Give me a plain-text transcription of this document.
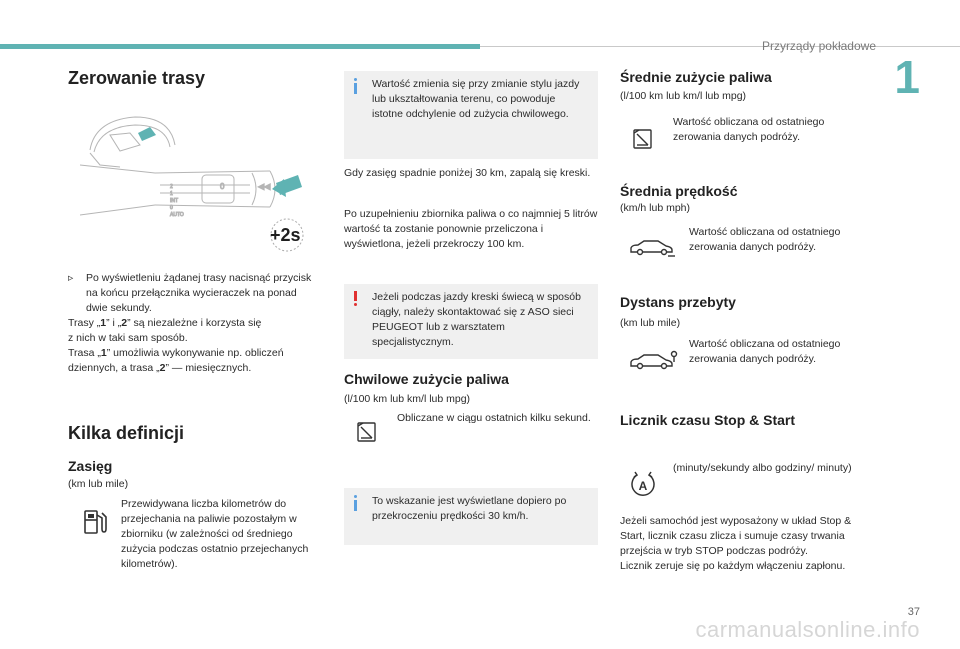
Przyrządy pokładowe
1
Zerowanie trasy
2
1
INT
0
AUTO
0	◀◀
+2s
▹ Po wyświetleniu żądanej trasy nacisnąć przycisk na końcu przełącznika wycieraczek na ponad dwie sekundy.

Trasy „1” i „2” są niezależne i korzysta się
z nich w taki sam sposób.

Trasa „1” umożliwia wykonywanie np. obliczeń
dziennych, a trasa „2” — miesięcznych.

Kilka definicji
Zasięg
(km lub mile)
Przewidywana liczba kilometrów do przejechania na paliwie pozostałym w zbiorniku (w zależności od średniego zużycia podczas ostatnio przejechanych kilometrów).
Wartość zmienia się przy zmianie stylu jazdy lub ukształtowania terenu, co powoduje istotne odchylenie od zużycia chwilowego.
Gdy zasięg spadnie poniżej 30 km, zapalą się kreski.
Po uzupełnieniu zbiornika paliwa o co najmniej 5 litrów wartość ta zostanie ponownie przeliczona i wyświetlona, jeżeli przekroczy 100 km.
Jeżeli podczas jazdy kreski świecą w sposób ciągły, należy skontaktować się z ASO sieci PEUGEOT lub z warsztatem specjalistycznym.
Chwilowe zużycie paliwa
(l/100 km lub km/l lub mpg)
Obliczane w ciągu ostatnich kilku sekund.
To wskazanie jest wyświetlane dopiero po przekroczeniu prędkości 30 km/h.
Średnie zużycie paliwa
(l/100 km lub km/l lub mpg)
Wartość obliczana od ostatniego zerowania danych podróży.
Średnia prędkość
(km/h lub mph)
Wartość obliczana od ostatniego zerowania danych podróży.
Dystans przebyty
(km lub mile)
Wartość obliczana od ostatniego zerowania danych podróży.
Licznik czasu Stop & Start
A
(minuty/sekundy albo godziny/ minuty)

Jeżeli samochód jest wyposażony w układ Stop & Start, licznik czasu zlicza i sumuje czasy trwania przejścia w tryb STOP podczas podróży.

Licznik zeruje się po każdym włączeniu zapłonu.

37
carmanualsonline.info
